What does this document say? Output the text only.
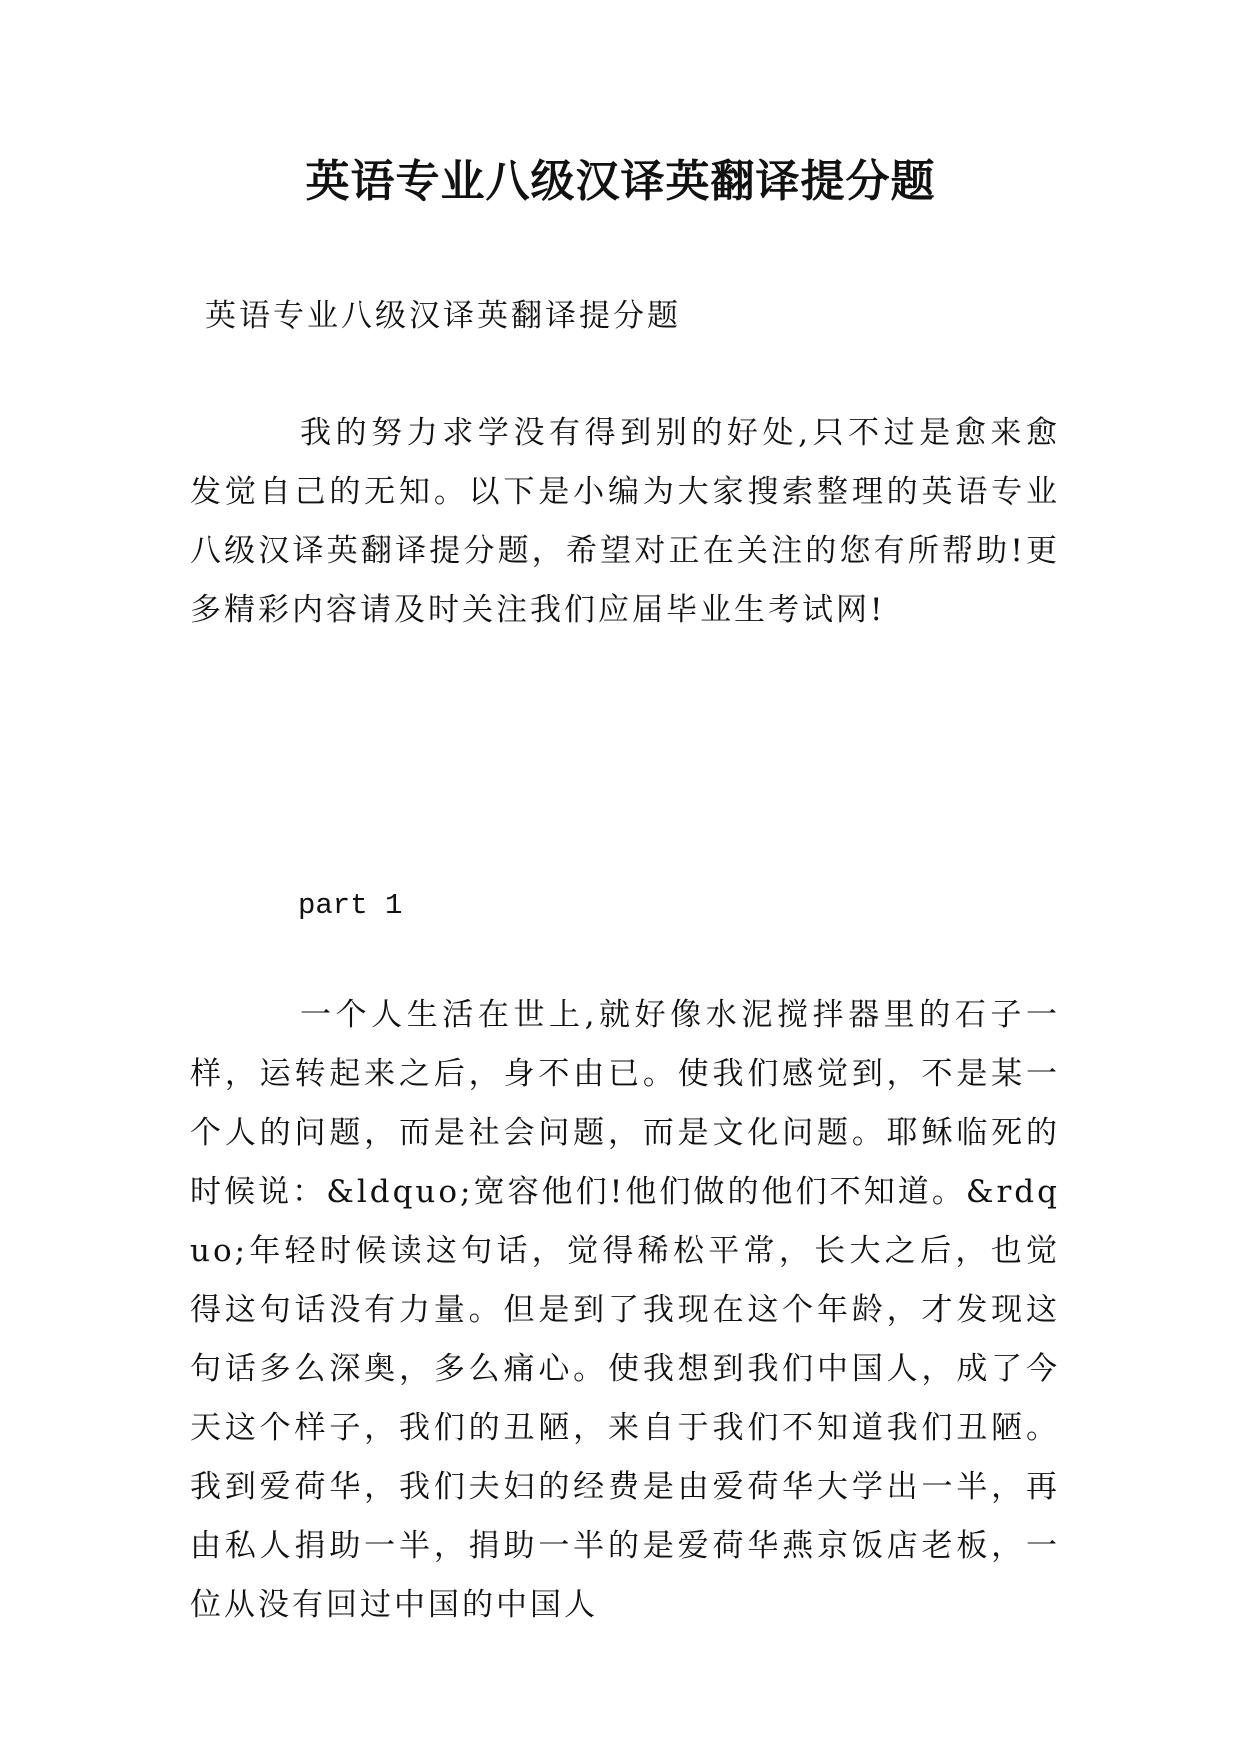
英语专业八级汉译英翻译提分题
英语专业八级汉译英翻译提分题
我的努力求学没有得到别的好处,只不过是愈来愈发觉自己的无知。以下是小编为大家搜索整理的英语专业八级汉译英翻译提分题，希望对正在关注的您有所帮助!更多精彩内容请及时关注我们应届毕业生考试网!
part 1
一个人生活在世上,就好像水泥搅拌器里的石子一样，运转起来之后，身不由已。使我们感觉到，不是某一个人的问题，而是社会问题，而是文化问题。耶稣临死的时候说：&ldquo;宽容他们!他们做的他们不知道。&rdquo;年轻时候读这句话，觉得稀松平常，长大之后，也觉得这句话没有力量。但是到了我现在这个年龄，才发现这句话多么深奥，多么痛心。使我想到我们中国人，成了今天这个样子，我们的丑陋，来自于我们不知道我们丑陋。我到爱荷华，我们夫妇的经费是由爱荷华大学出一半，再由私人捐助一半，捐助一半的是爱荷华燕京饭店老板，一位从没有回过中国的中国人
